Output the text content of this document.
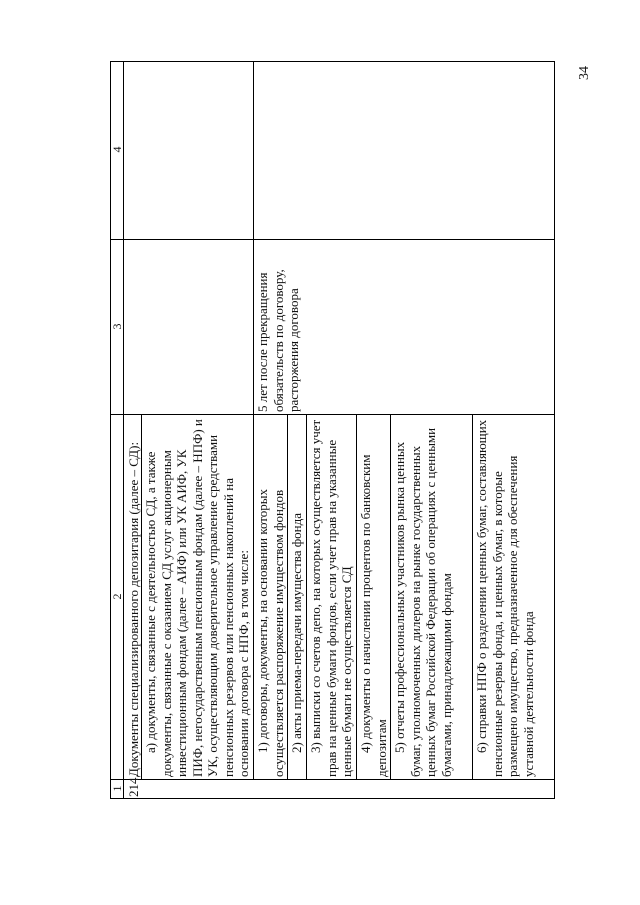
34
1
2
3
4
214.
Документы специализированного депозитария (далее – СД): а) документы, связанные с деятельностью СД, а также документы, связанные с оказанием СД услуг акционерным инвестиционным фондам (далее – АИФ) или УК АИФ, УК ПИФ, негосударственным пенсионным фондам (далее – НПФ) и УК, осуществляющим доверительное управление средствами пенсионных резервов или пенсионных накоплений на основании договора с НПФ, в том числе: 1) договоры, документы, на основании которых осуществляется распоряжение имуществом фондов
5 лет после прекращения обязательств по договору, расторжения договора
2) акты приема-передачи имущества фонда 3) выписки со счетов депо, на которых осуществляется учет прав на ценные бумаги фондов, если учет прав на указанные ценные бумаги не осуществляется СД 4) документы о начислении процентов по банковским депозитам 5) отчеты профессиональных участников рынка ценных бумаг, уполномоченных дилеров на рынке государственных ценных бумаг Российской Федерации об операциях с ценными бумагами, принадлежащими фондам 6) справки НПФ о разделении ценных бумаг, составляющих пенсионные резервы фонда, и ценных бумаг, в которые размещено имущество, предназначенное для обеспечения уставной деятельности фонда
